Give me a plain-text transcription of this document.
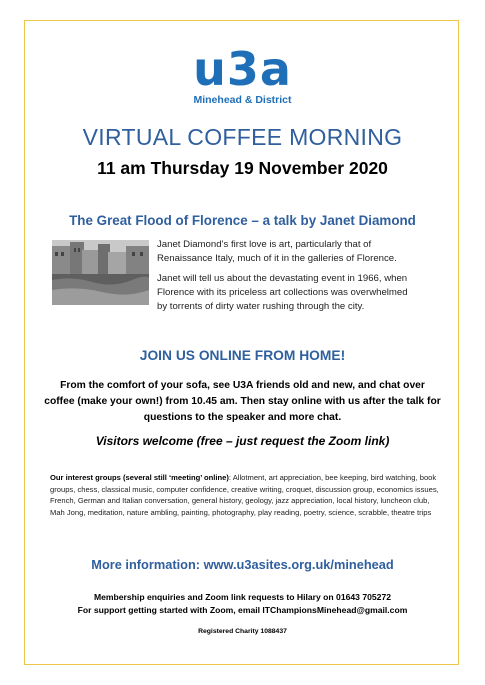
u3a
Minehead & District
VIRTUAL COFFEE MORNING
11 am Thursday 19 November 2020
The Great Flood of Florence – a talk by Janet Diamond

Janet Diamond’s first love is art, particularly that of Renaissance Italy, much of it in the galleries of Florence.

Janet will tell us about the devastating event in 1966, when Florence with its priceless art collections was overwhelmed by torrents of dirty water rushing through the city.

JOIN US ONLINE FROM HOME!
From the comfort of your sofa, see U3A friends old and new, and chat over coffee (make your own!) from 10.45 am. Then stay online with us after the talk for questions to the speaker and more chat.
Visitors welcome (free – just request the Zoom link)
Our interest groups (several still ‘meeting’ online): Allotment, art appreciation, bee keeping, bird watching, book groups, chess, classical music, computer confidence, creative writing, croquet, discussion group, economics issues, French, German and Italian conversation, general history, geology, jazz appreciation, local history, luncheon club, Mah Jong, meditation, nature ambling, painting, photography, play reading, poetry, science, scrabble, theatre trips
More information: www.u3asites.org.uk/minehead
Membership enquiries and Zoom link requests to Hilary on 01643 705272
For support getting started with Zoom, email ITChampionsMinehead@gmail.com
Registered Charity 1088437
